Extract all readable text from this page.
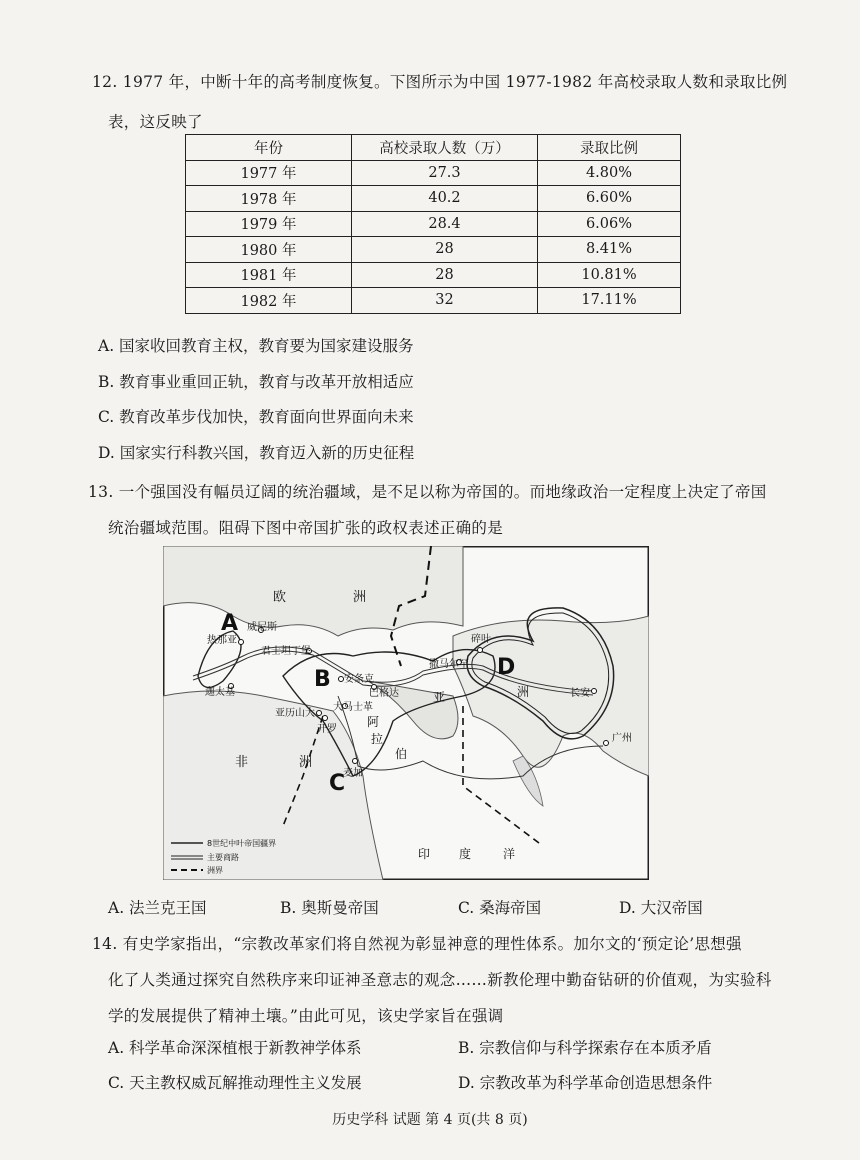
12. 1977 年，中断十年的高考制度恢复。下图所示为中国 1977-1982 年高校录取人数和录取比例
表，这反映了
年份	高校录取人数（万）	录取比例
1977 年	27.3	4.80%
1978 年	40.2	6.60%
1979 年	28.4	6.06%
1980 年	28	8.41%
1981 年	28	10.81%
1982 年	32	17.11%
A. 国家收回教育主权，教育要为国家建设服务
B. 教育事业重回正轨，教育与改革开放相适应
C. 教育改革步伐加快，教育面向世界面向未来
D. 国家实行科教兴国，教育迈入新的历史征程
13. 一个强国没有幅员辽阔的统治疆域，是不足以称为帝国的。而地缘政治一定程度上决定了帝国
统治疆域范围。阻碍下图中帝国扩张的政权表述正确的是
欧	洲
非	洲
亚
阿
拉
伯
洲
印 度	洋
A
B
C
D
热那亚
威尼斯
君士坦丁堡
迦太基
亚历山大
开罗
安条克
大马士革
巴格达
麦加
撒马尔罕
碎叶
长安
广州
8世纪中叶帝国疆界
主要商路
洲界
A. 法兰克王国	B. 奥斯曼帝国	C. 桑海帝国	D. 大汉帝国
14. 有史学家指出，“宗教改革家们将自然视为彰显神意的理性体系。加尔文的‘预定论’思想强
化了人类通过探究自然秩序来印证神圣意志的观念……新教伦理中勤奋钻研的价值观，为实验科
学的发展提供了精神土壤。”由此可见，该史学家旨在强调
A. 科学革命深深植根于新教神学体系	B. 宗教信仰与科学探索存在本质矛盾
C. 天主教权威瓦解推动理性主义发展	D. 宗教改革为科学革命创造思想条件
历史学科 试题 第 4 页(共 8 页)
